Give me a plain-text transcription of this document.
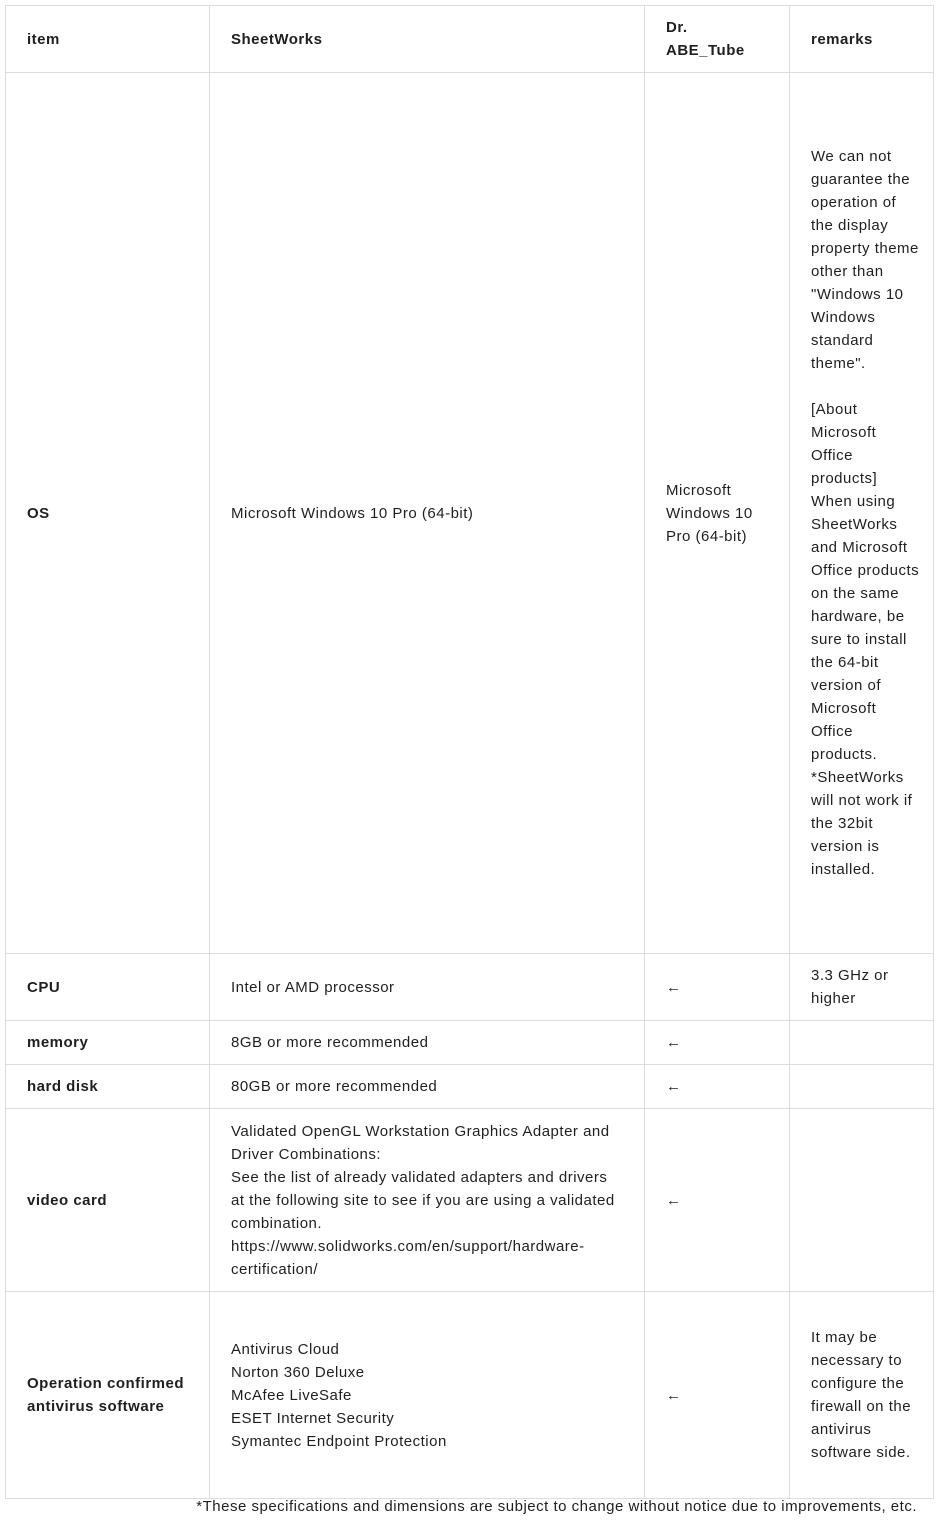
item	SheetWorks	Dr. ABE_Tube	remarks
OS	Microsoft Windows 10 Pro (64-bit)	Microsoft Windows 10 Pro (64-bit)	We can not guarantee the operation of the display property theme other than "Windows 10 Windows standard theme".
[About Microsoft Office products]
When using SheetWorks and Microsoft Office products on the same hardware, be sure to install the 64-bit version of Microsoft Office products.
*SheetWorks will not work if the 32bit version is installed.

CPU	Intel or AMD processor	←	3.3 GHz or higher
memory	8GB or more recommended	←	
hard disk	80GB or more recommended	←	
video card	Validated OpenGL Workstation Graphics Adapter and Driver Combinations:
See the list of already validated adapters and drivers at the following site to see if you are using a validated combination.
https://www.solidworks.com/en/support/hardware-certification/	←	
Operation confirmed antivirus software	Antivirus Cloud
Norton 360 Deluxe
McAfee LiveSafe
ESET Internet Security
Symantec Endpoint Protection	←	It may be necessary to configure the firewall on the antivirus software side.
*These specifications and dimensions are subject to change without notice due to improvements, etc.
